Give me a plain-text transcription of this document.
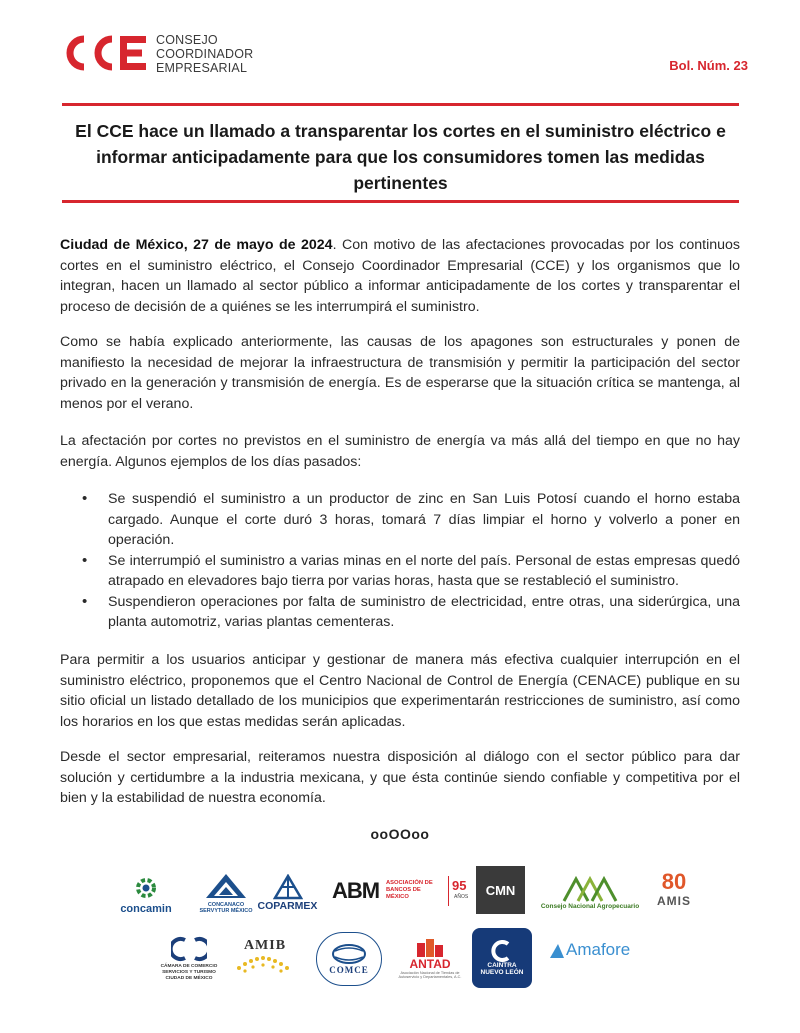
CONSEJO
COORDINADOR
EMPRESARIAL	Bol. Núm. 23
El CCE hace un llamado a transparentar los cortes en el suministro eléctrico e informar anticipadamente para que los consumidores tomen las medidas pertinentes

Ciudad de México, 27 de mayo de 2024. Con motivo de las afectaciones provocadas por los continuos cortes en el suministro eléctrico, el Consejo Coordinador Empresarial (CCE) y los organismos que lo integran, hacen un llamado al sector público a informar anticipadamente de los cortes y transparentar el proceso de decisión de a quiénes se les interrumpirá el suministro.

Como se había explicado anteriormente, las causas de los apagones son estructurales y ponen de manifiesto la necesidad de mejorar la infraestructura de transmisión y permitir la participación del sector privado en la generación y transmisión de energía. Es de esperarse que la situación crítica se mantenga, al menos por el verano.

La afectación por cortes no previstos en el suministro de energía va más allá del tiempo en que no hay energía. Algunos ejemplos de los días pasados:

• Se suspendió el suministro a un productor de zinc en San Luis Potosí cuando el horno estaba cargado. Aunque el corte duró 3 horas, tomará 7 días limpiar el horno y volverlo a poner en operación.
• Se interrumpió el suministro a varias minas en el norte del país. Personal de estas empresas quedó atrapado en elevadores bajo tierra por varias horas, hasta que se restableció el suministro.
• Suspendieron operaciones por falta de suministro de electricidad, entre otras, una siderúrgica, una planta automotriz, varias plantas cementeras.

Para permitir a los usuarios anticipar y gestionar de manera más efectiva cualquier interrupción en el suministro eléctrico, proponemos que el Centro Nacional de Control de Energía (CENACE) publique en su sitio oficial un listado detallado de los municipios que experimentarán restricciones de suministro, así como los horarios en los que estas medidas serán aplicadas.

Desde el sector empresarial, reiteramos nuestra disposición al diálogo con el sector público para dar solución y certidumbre a la industria mexicana, y que ésta continúe siendo confiable y competitiva por el bien y la estabilidad de nuestra economía.

ooOOoo
concamin	CONCANACO SERVYTUR MÉXICO COPARMEX
ABM ASOCIACIÓN DE BANCOS DE MÉXICO
95
AÑOS CMN
Consejo Nacional Agropecuario
80
AMIS
CÁMARA DE COMERCIO SERVICIOS Y TURISMO CIUDAD DE MÉXICO
AMIB
COMCE	ANTAD
Asociación Nacional de Tiendas de Autoservicio y Departamentales, A.C.
CAINTRA NUEVO LEÓN
Amafore
